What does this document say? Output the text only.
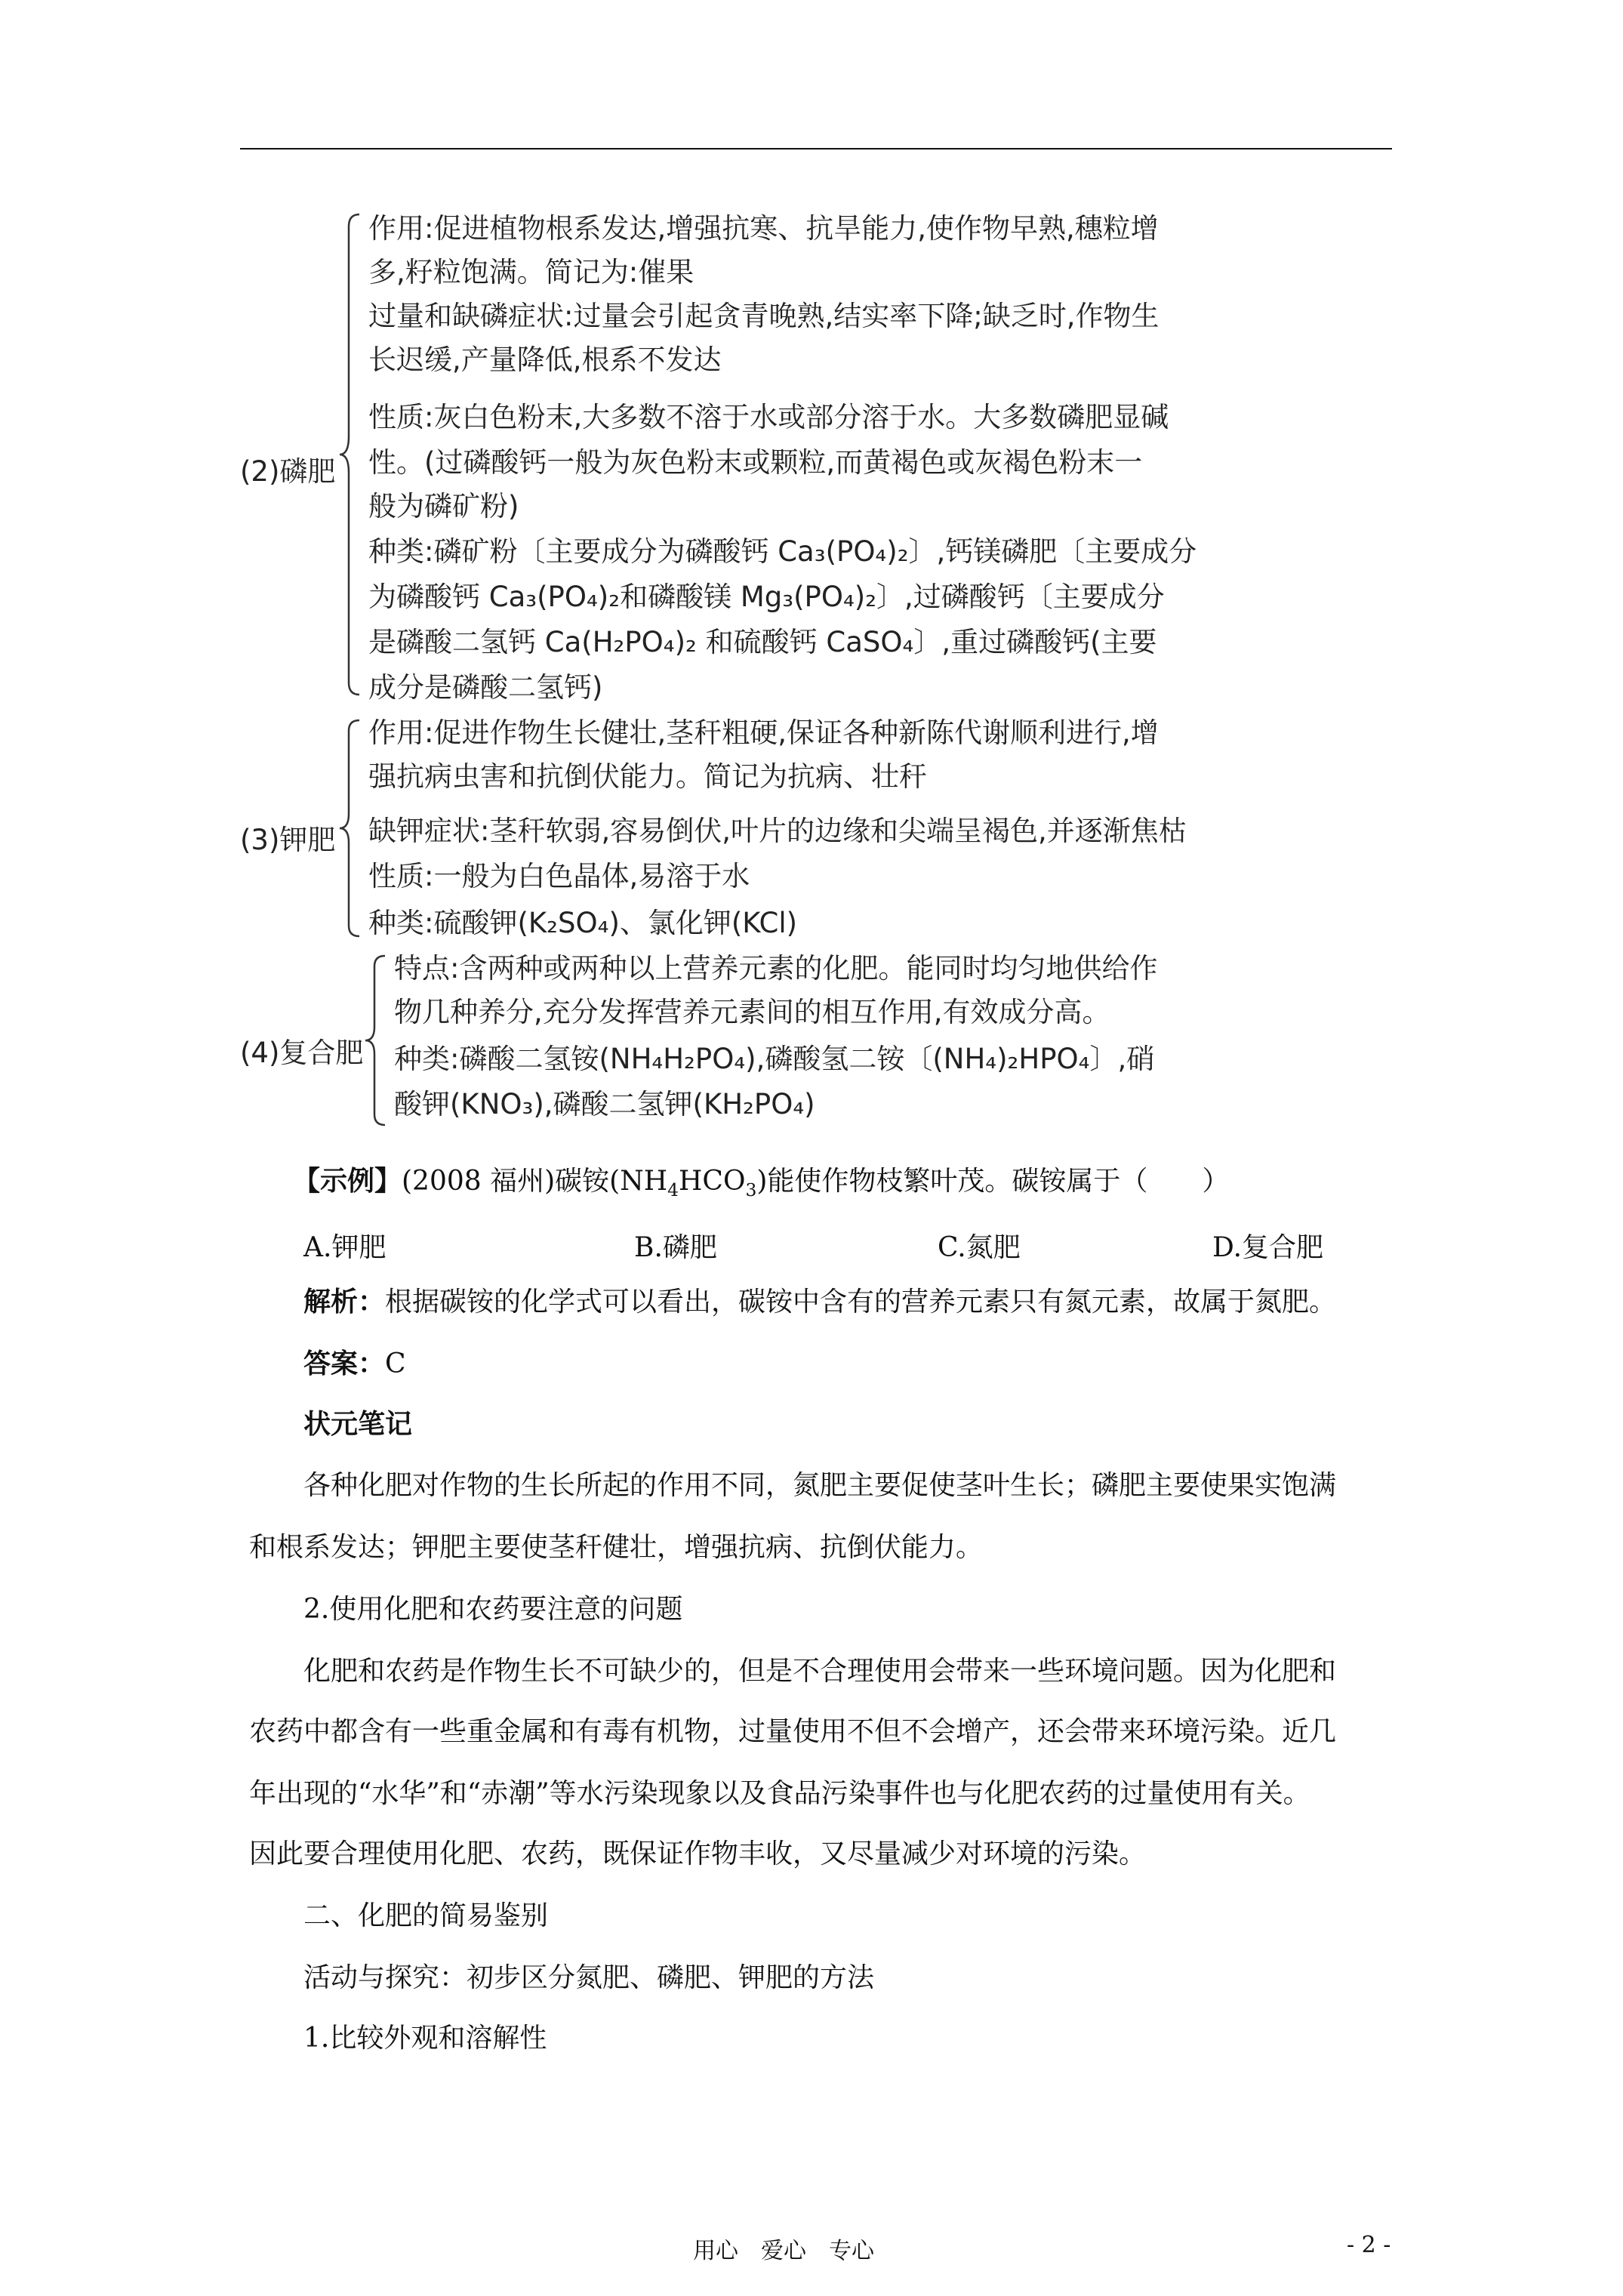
(2)磷肥
作用:促进植物根系发达,增强抗寒、抗旱能力,使作物早熟,穗粒增
多,籽粒饱满。简记为:催果
过量和缺磷症状:过量会引起贪青晚熟,结实率下降;缺乏时,作物生
长迟缓,产量降低,根系不发达
性质:灰白色粉末,大多数不溶于水或部分溶于水。大多数磷肥显碱
性。(过磷酸钙一般为灰色粉末或颗粒,而黄褐色或灰褐色粉末一
般为磷矿粉)
种类:磷矿粉〔主要成分为磷酸钙 Ca₃(PO₄)₂〕,钙镁磷肥〔主要成分
为磷酸钙 Ca₃(PO₄)₂和磷酸镁 Mg₃(PO₄)₂〕,过磷酸钙〔主要成分
是磷酸二氢钙 Ca(H₂PO₄)₂ 和硫酸钙 CaSO₄〕,重过磷酸钙(主要
成分是磷酸二氢钙)
(3)钾肥
作用:促进作物生长健壮,茎秆粗硬,保证各种新陈代谢顺利进行,增
强抗病虫害和抗倒伏能力。简记为抗病、壮秆
缺钾症状:茎秆软弱,容易倒伏,叶片的边缘和尖端呈褐色,并逐渐焦枯
性质:一般为白色晶体,易溶于水
种类:硫酸钾(K₂SO₄)、氯化钾(KCl)
(4)复合肥
特点:含两种或两种以上营养元素的化肥。能同时均匀地供给作
物几种养分,充分发挥营养元素间的相互作用,有效成分高。
种类:磷酸二氢铵(NH₄H₂PO₄),磷酸氢二铵〔(NH₄)₂HPO₄〕,硝
酸钾(KNO₃),磷酸二氢钾(KH₂PO₄)
【示例】(2008 福州)碳铵$(NH_4HCO_3)$能使作物枝繁叶茂。碳铵属于（　　）
A.钾肥	B.磷肥	C.氮肥	D.复合肥
解析：根据碳铵的化学式可以看出，碳铵中含有的营养元素只有氮元素，故属于氮肥。
答案：C
状元笔记
各种化肥对作物的生长所起的作用不同，氮肥主要促使茎叶生长；磷肥主要使果实饱满
和根系发达；钾肥主要使茎秆健壮，增强抗病、抗倒伏能力。
2.使用化肥和农药要注意的问题
化肥和农药是作物生长不可缺少的，但是不合理使用会带来一些环境问题。因为化肥和
农药中都含有一些重金属和有毒有机物，过量使用不但不会增产，还会带来环境污染。近几
年出现的“水华”和“赤潮”等水污染现象以及食品污染事件也与化肥农药的过量使用有关。
因此要合理使用化肥、农药，既保证作物丰收，又尽量减少对环境的污染。
二、化肥的简易鉴别
活动与探究：初步区分氮肥、磷肥、钾肥的方法
1.比较外观和溶解性
用心　爱心　专心	- 2 -
